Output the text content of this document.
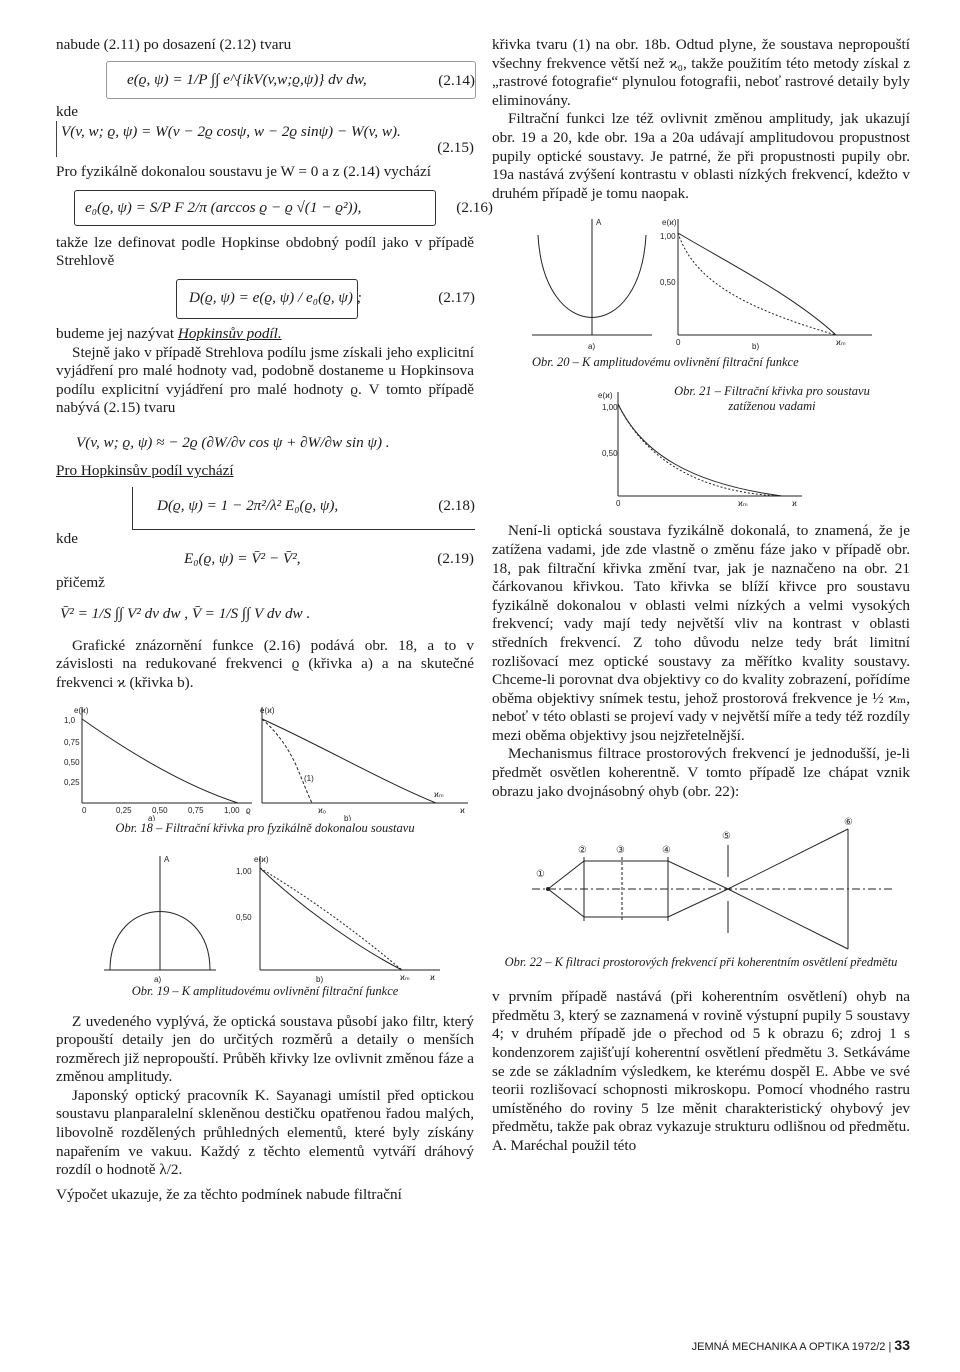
nabude (2.11) po dosazení (2.12) tvaru

e(ϱ, ψ) = 1/P ∫∫ e^{ikV(v,w;ϱ,ψ)} dv dw,	(2.14)

kde

V(v, w; ϱ, ψ) = W(v − 2ϱ cosψ, w − 2ϱ sinψ) − W(v, w).
(2.15)

Pro fyzikálně dokonalou soustavu je W = 0 a z (2.14) vychází

e₀(ϱ, ψ) = S/P F 2/π (arccos ϱ − ϱ √(1 − ϱ²)),	(2.16)

takže lze definovat podle Hopkinse obdobný podíl jako v případě Strehlově

D(ϱ, ψ) = e(ϱ, ψ) / e₀(ϱ, ψ) ;	(2.17)

budeme jej nazývat Hopkinsův podíl.

Stejně jako v případě Strehlova podílu jsme získali jeho explicitní vyjádření pro malé hodnoty vad, podobně dostaneme u Hopkinsova podílu explicitní vyjádření pro malé hodnoty ϱ. V tomto případě nabývá (2.15) tvaru

V(v, w; ϱ, ψ) ≈ − 2ϱ (∂W/∂v cos ψ + ∂W/∂w sin ψ) .

Pro Hopkinsův podíl vychází

D(ϱ, ψ) = 1 − 2π²/λ² E₀(ϱ, ψ),	(2.18)

kde

E₀(ϱ, ψ) = V̄² − V̄²,	(2.19)

přičemž

V̄² = 1/S ∫∫ V² dv dw , V̄ = 1/S ∫∫ V dv dw .

Grafické znázornění funkce (2.16) podává obr. 18, a to v závislosti na redukované frekvenci ϱ (křivka a) a na skutečné frekvenci ϰ (křivka b).

e(ϰ)
1,0
0,75
0,50
0,25
0	0,25	0,50	0,75	1,00 ϱ
a)
e(ϰ)
(1)
ϰ₀
ϰₘ
ϰ
b)

Obr. 18 – Filtrační křivka pro fyzikálně dokonalou soustavu

A
a)
e(ϰ)
1,00
0,50
ϰₘ	ϰ
b)

Obr. 19 – K amplitudovému ovlivnění filtrační funkce

Z uvedeného vyplývá, že optická soustava působí jako filtr, který propouští detaily jen do určitých rozměrů a detaily o menších rozměrech již nepropouští. Průběh křivky lze ovlivnit změnou fáze a změnou amplitudy.

Japonský optický pracovník K. Sayanagi umístil před optickou soustavu planparalelní skleněnou destičku opatřenou řadou malých, libovolně rozdělených průhledných elementů, které byly získány napařením ve vakuu. Každý z těchto elementů vytváří dráhový rozdíl o hodnotě λ/2.

Výpočet ukazuje, že za těchto podmínek nabude filtrační

křivka tvaru (1) na obr. 18b. Odtud plyne, že soustava nepropouští všechny frekvence větší než ϰ₀, takže použitím této metody získal z „rastrové fotografie“ plynulou fotografii, neboť rastrové detaily byly eliminovány.

Filtrační funkci lze též ovlivnit změnou amplitudy, jak ukazují obr. 19 a 20, kde obr. 19a a 20a udávají amplitudovou propustnost pupily optické soustavy. Je patrné, že při propustnosti pupily obr. 19a nastává zvýšení kontrastu v oblasti nízkých frekvencí, kdežto v druhém případě je tomu naopak.

A
a)
e(ϰ)
1,00
0,50
0	ϰₘ
b)

Obr. 20 – K amplitudovému ovlivnění filtrační funkce

Obr. 21 – Filtrační křivka pro soustavu zatíženou vadami

e(ϰ)
1,00
0,50
0	ϰₘ	ϰ

Není-li optická soustava fyzikálně dokonalá, to znamená, že je zatížena vadami, jde zde vlastně o změnu fáze jako v případě obr. 18, pak filtrační křivka změní tvar, jak je naznačeno na obr. 21 čárkovanou křivkou. Tato křivka se blíží křivce pro soustavu fyzikálně dokonalou v oblasti velmi nízkých a velmi vysokých frekvencí; vady mají tedy největší vliv na kontrast v oblasti středních frekvencí. Z toho důvodu nelze tedy brát limitní rozlišovací mez optické soustavy za měřítko kvality soustavy. Chceme-li porovnat dva objektivy co do kvality zobrazení, pořídíme oběma objektivy snímek testu, jehož prostorová frekvence je ½ ϰₘ, neboť v této oblasti se projeví vady v největší míře a tedy též rozdíly mezi oběma objektivy jsou nejzřetelnější.

Mechanismus filtrace prostorových frekvencí je jednodušší, je-li předmět osvětlen koherentně. V tomto případě lze chápat vznik obrazu jako dvojnásobný ohyb (obr. 22):

①
②	③	④
⑤
⑥

Obr. 22 – K filtraci prostorových frekvencí při koherentním osvětlení předmětu

v prvním případě nastává (při koherentním osvětlení) ohyb na předmětu 3, který se zaznamená v rovině výstupní pupily 5 soustavy 4; v druhém případě jde o přechod od 5 k obrazu 6; zdroj 1 s kondenzorem zajišťují koherentní osvětlení předmětu 3. Setkáváme se zde se základním výsledkem, ke kterému dospěl E. Abbe ve své teorii rozlišovací schopnosti mikroskopu. Pomocí vhodného rastru umístěného do roviny 5 lze měnit charakteristický ohybový jev předmětu, takže pak obraz vykazuje strukturu odlišnou od předmětu. A. Maréchal použil této

JEMNÁ MECHANIKA A OPTIKA 1972/2 | 33
